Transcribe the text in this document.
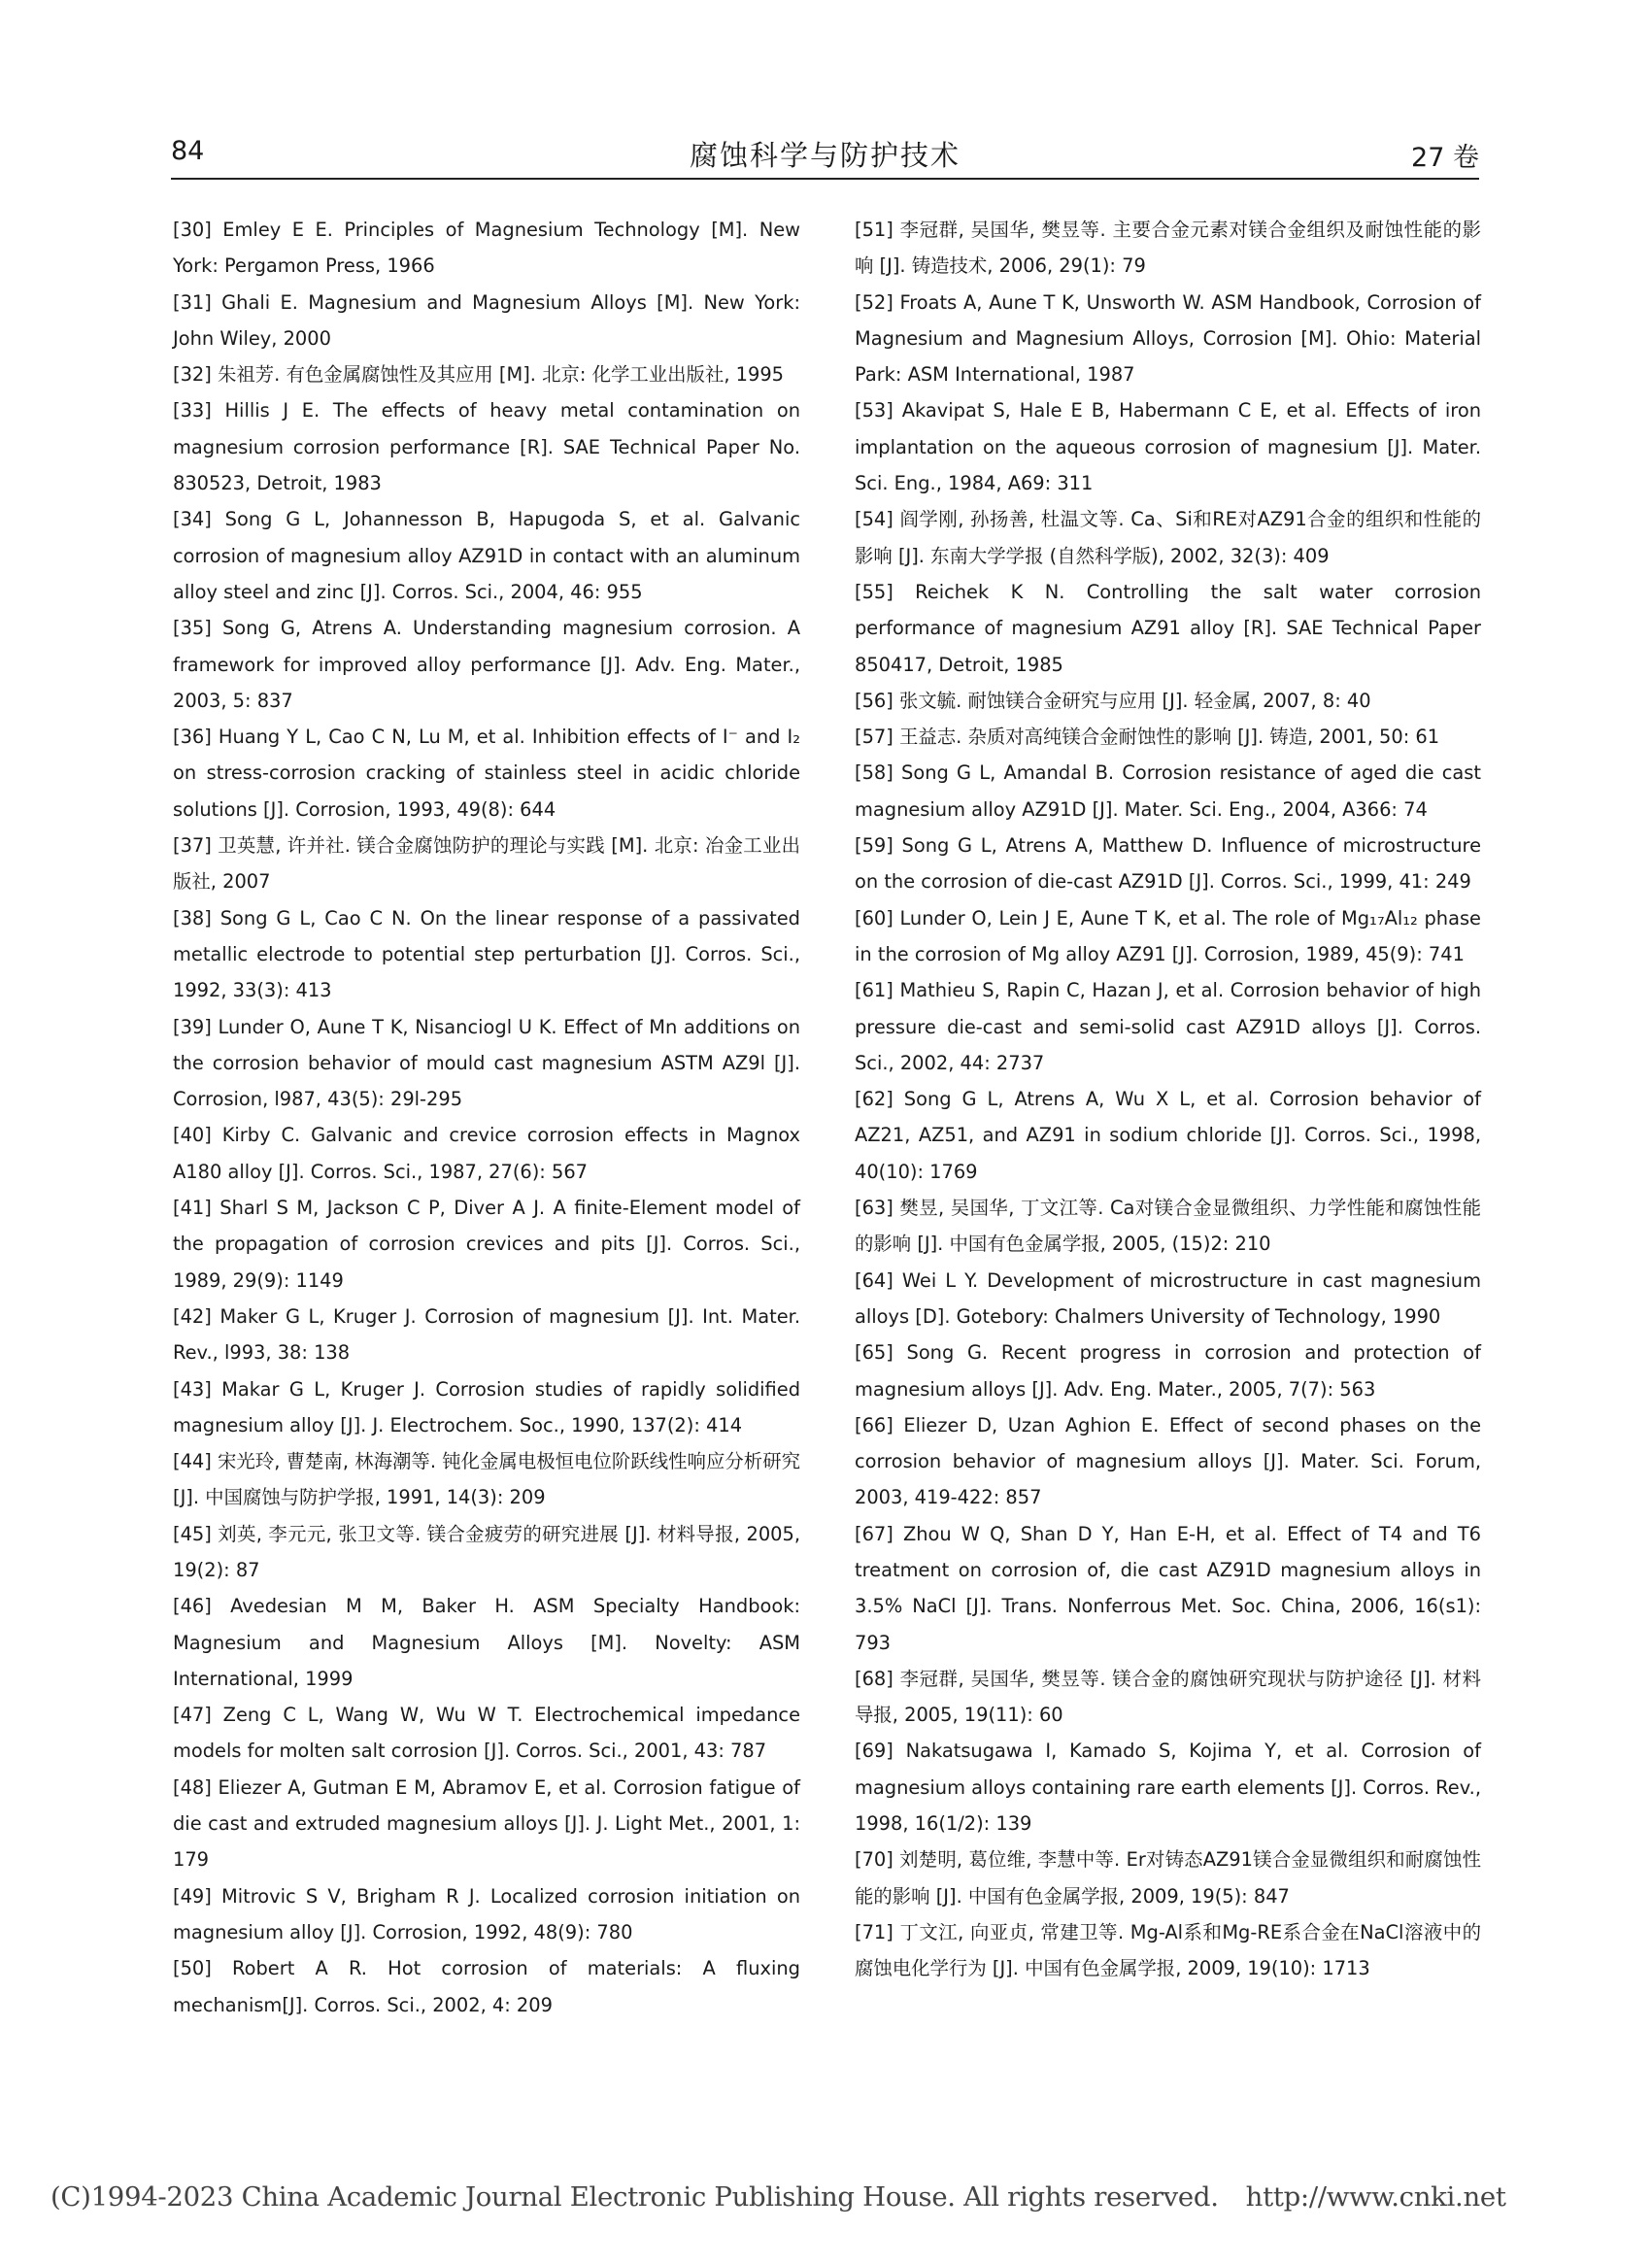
84	腐蚀科学与防护技术	27 卷
[30] Emley E E. Principles of Magnesium Technology [M]. New York: Pergamon Press, 1966
[31] Ghali E. Magnesium and Magnesium Alloys [M]. New York: John Wiley, 2000
[32] 朱祖芳. 有色金属腐蚀性及其应用 [M]. 北京: 化学工业出版社, 1995
[33] Hillis J E. The effects of heavy metal contamination on magnesium corrosion performance [R]. SAE Technical Paper No. 830523, Detroit, 1983
[34] Song G L, Johannesson B, Hapugoda S, et al. Galvanic corrosion of magnesium alloy AZ91D in contact with an aluminum alloy steel and zinc [J]. Corros. Sci., 2004, 46: 955
[35] Song G, Atrens A. Understanding magnesium corrosion. A framework for improved alloy performance [J]. Adv. Eng. Mater., 2003, 5: 837
[36] Huang Y L, Cao C N, Lu M, et al. Inhibition effects of I⁻ and I₂ on stress-corrosion cracking of stainless steel in acidic chloride solutions [J]. Corrosion, 1993, 49(8): 644
[37] 卫英慧, 许并社. 镁合金腐蚀防护的理论与实践 [M]. 北京: 冶金工业出版社, 2007
[38] Song G L, Cao C N. On the linear response of a passivated metallic electrode to potential step perturbation [J]. Corros. Sci., 1992, 33(3): 413
[39] Lunder O, Aune T K, Nisanciogl U K. Effect of Mn additions on the corrosion behavior of mould cast magnesium ASTM AZ9l [J]. Corrosion, l987, 43(5): 29l-295
[40] Kirby C. Galvanic and crevice corrosion effects in Magnox A180 alloy [J]. Corros. Sci., 1987, 27(6): 567
[41] Sharl S M, Jackson C P, Diver A J. A finite-Element model of the propagation of corrosion crevices and pits [J]. Corros. Sci., 1989, 29(9): 1149
[42] Maker G L, Kruger J. Corrosion of magnesium [J]. Int. Mater. Rev., l993, 38: 138
[43] Makar G L, Kruger J. Corrosion studies of rapidly solidified magnesium alloy [J]. J. Electrochem. Soc., 1990, 137(2): 414
[44] 宋光玲, 曹楚南, 林海潮等. 钝化金属电极恒电位阶跃线性响应分析研究 [J]. 中国腐蚀与防护学报, 1991, 14(3): 209
[45] 刘英, 李元元, 张卫文等. 镁合金疲劳的研究进展 [J]. 材料导报, 2005, 19(2): 87
[46] Avedesian M M, Baker H. ASM Specialty Handbook: Magnesium and Magnesium Alloys [M]. Novelty: ASM International, 1999
[47] Zeng C L, Wang W, Wu W T. Electrochemical impedance models for molten salt corrosion [J]. Corros. Sci., 2001, 43: 787
[48] Eliezer A, Gutman E M, Abramov E, et al. Corrosion fatigue of die cast and extruded magnesium alloys [J]. J. Light Met., 2001, 1: 179
[49] Mitrovic S V, Brigham R J. Localized corrosion initiation on magnesium alloy [J]. Corrosion, 1992, 48(9): 780
[50] Robert A R. Hot corrosion of materials: A fluxing mechanism[J]. Corros. Sci., 2002, 4: 209
[51] 李冠群, 吴国华, 樊昱等. 主要合金元素对镁合金组织及耐蚀性能的影响 [J]. 铸造技术, 2006, 29(1): 79
[52] Froats A, Aune T K, Unsworth W. ASM Handbook, Corrosion of Magnesium and Magnesium Alloys, Corrosion [M]. Ohio: Material Park: ASM International, 1987
[53] Akavipat S, Hale E B, Habermann C E, et al. Effects of iron implantation on the aqueous corrosion of magnesium [J]. Mater. Sci. Eng., 1984, A69: 311
[54] 阎学刚, 孙扬善, 杜温文等. Ca、Si和RE对AZ91合金的组织和性能的影响 [J]. 东南大学学报 (自然科学版), 2002, 32(3): 409
[55] Reichek K N. Controlling the salt water corrosion performance of magnesium AZ91 alloy [R]. SAE Technical Paper 850417, Detroit, 1985
[56] 张文毓. 耐蚀镁合金研究与应用 [J]. 轻金属, 2007, 8: 40
[57] 王益志. 杂质对高纯镁合金耐蚀性的影响 [J]. 铸造, 2001, 50: 61
[58] Song G L, Amandal B. Corrosion resistance of aged die cast magnesium alloy AZ91D [J]. Mater. Sci. Eng., 2004, A366: 74
[59] Song G L, Atrens A, Matthew D. Influence of microstructure on the corrosion of die-cast AZ91D [J]. Corros. Sci., 1999, 41: 249
[60] Lunder O, Lein J E, Aune T K, et al. The role of Mg₁₇Al₁₂ phase in the corrosion of Mg alloy AZ91 [J]. Corrosion, 1989, 45(9): 741
[61] Mathieu S, Rapin C, Hazan J, et al. Corrosion behavior of high pressure die-cast and semi-solid cast AZ91D alloys [J]. Corros. Sci., 2002, 44: 2737
[62] Song G L, Atrens A, Wu X L, et al. Corrosion behavior of AZ21, AZ51, and AZ91 in sodium chloride [J]. Corros. Sci., 1998, 40(10): 1769
[63] 樊昱, 吴国华, 丁文江等. Ca对镁合金显微组织、力学性能和腐蚀性能的影响 [J]. 中国有色金属学报, 2005, (15)2: 210
[64] Wei L Y. Development of microstructure in cast magnesium alloys [D]. Gotebory: Chalmers University of Technology, 1990
[65] Song G. Recent progress in corrosion and protection of magnesium alloys [J]. Adv. Eng. Mater., 2005, 7(7): 563
[66] Eliezer D, Uzan Aghion E. Effect of second phases on the corrosion behavior of magnesium alloys [J]. Mater. Sci. Forum, 2003, 419-422: 857
[67] Zhou W Q, Shan D Y, Han E-H, et al. Effect of T4 and T6 treatment on corrosion of, die cast AZ91D magnesium alloys in 3.5% NaCl [J]. Trans. Nonferrous Met. Soc. China, 2006, 16(s1): 793
[68] 李冠群, 吴国华, 樊昱等. 镁合金的腐蚀研究现状与防护途径 [J]. 材料导报, 2005, 19(11): 60
[69] Nakatsugawa I, Kamado S, Kojima Y, et al. Corrosion of magnesium alloys containing rare earth elements [J]. Corros. Rev., 1998, 16(1/2): 139
[70] 刘楚明, 葛位维, 李慧中等. Er对铸态AZ91镁合金显微组织和耐腐蚀性能的影响 [J]. 中国有色金属学报, 2009, 19(5): 847
[71] 丁文江, 向亚贞, 常建卫等. Mg-Al系和Mg-RE系合金在NaCl溶液中的腐蚀电化学行为 [J]. 中国有色金属学报, 2009, 19(10): 1713
(C)1994-2023 China Academic Journal Electronic Publishing House. All rights reserved. http://www.cnki.net
